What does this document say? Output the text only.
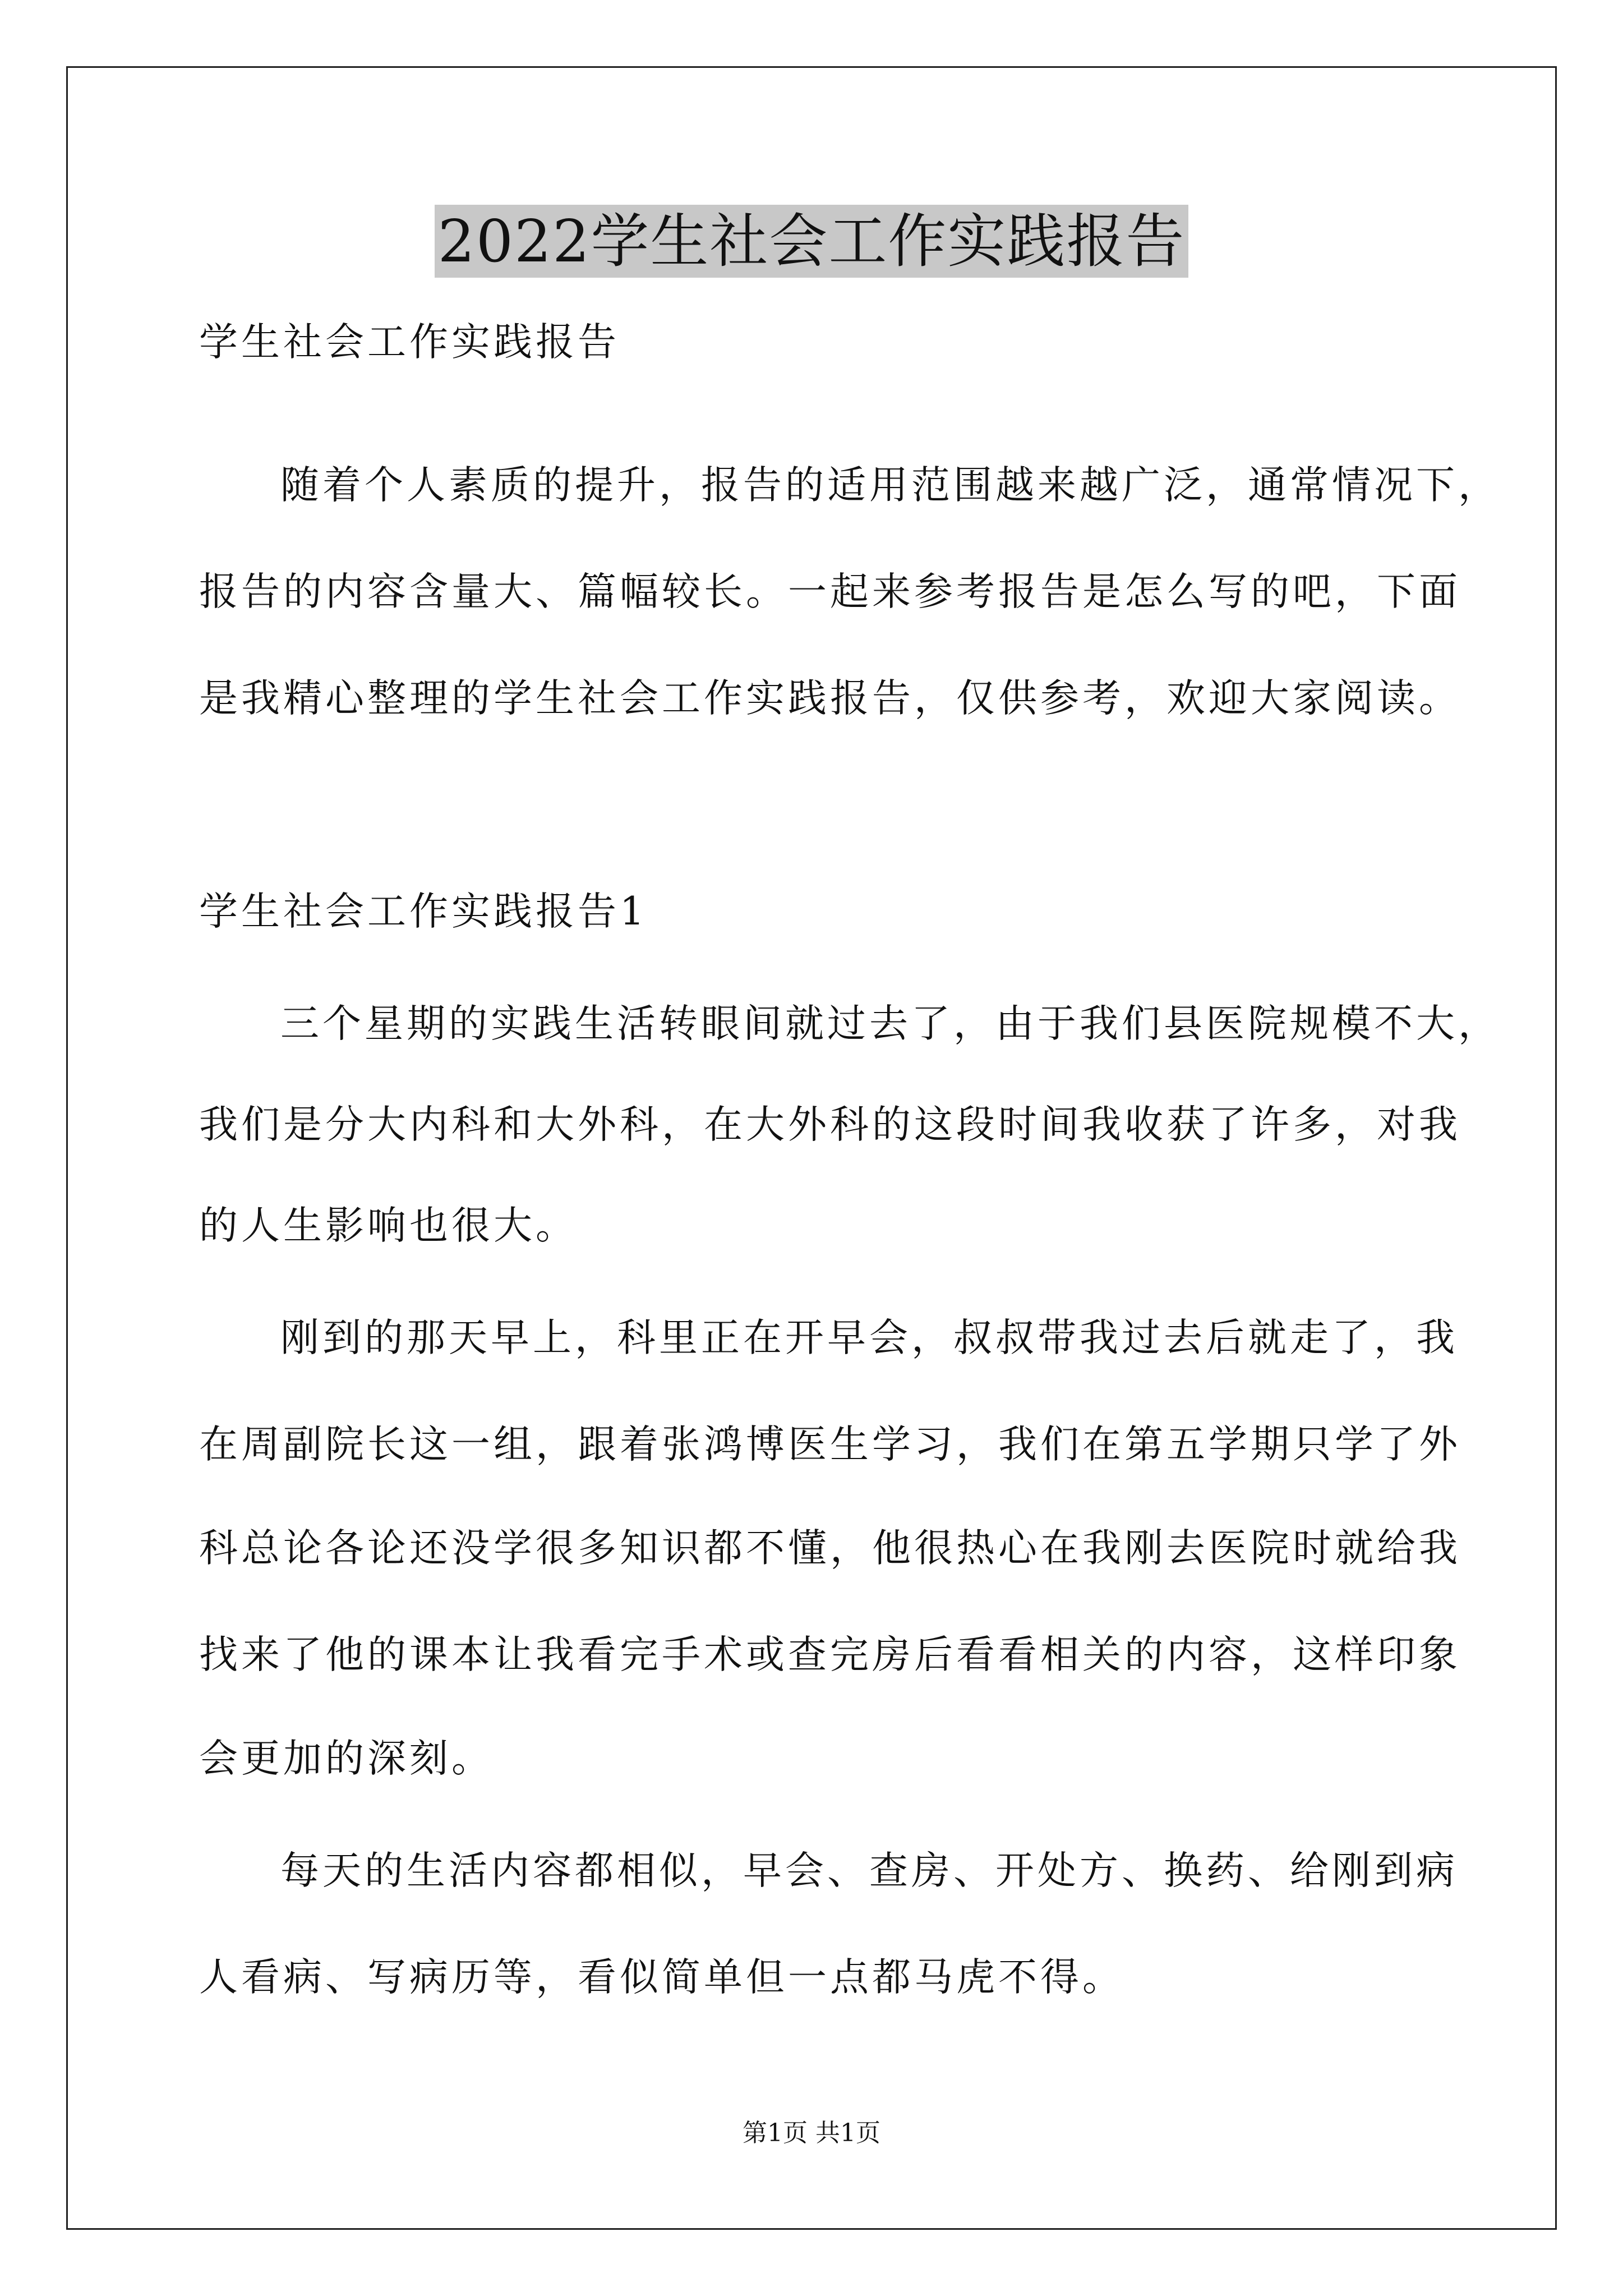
2022学生社会工作实践报告
学生社会工作实践报告
随着个人素质的提升，报告的适用范围越来越广泛，通常情况下，
报告的内容含量大、篇幅较长。一起来参考报告是怎么写的吧，下面
是我精心整理的学生社会工作实践报告，仅供参考，欢迎大家阅读。
学生社会工作实践报告1
三个星期的实践生活转眼间就过去了，由于我们县医院规模不大，
我们是分大内科和大外科，在大外科的这段时间我收获了许多，对我
的人生影响也很大。
刚到的那天早上，科里正在开早会，叔叔带我过去后就走了，我
在周副院长这一组，跟着张鸿博医生学习，我们在第五学期只学了外
科总论各论还没学很多知识都不懂，他很热心在我刚去医院时就给我
找来了他的课本让我看完手术或查完房后看看相关的内容，这样印象
会更加的深刻。
每天的生活内容都相似，早会、查房、开处方、换药、给刚到病
人看病、写病历等，看似简单但一点都马虎不得。
第1页 共1页
